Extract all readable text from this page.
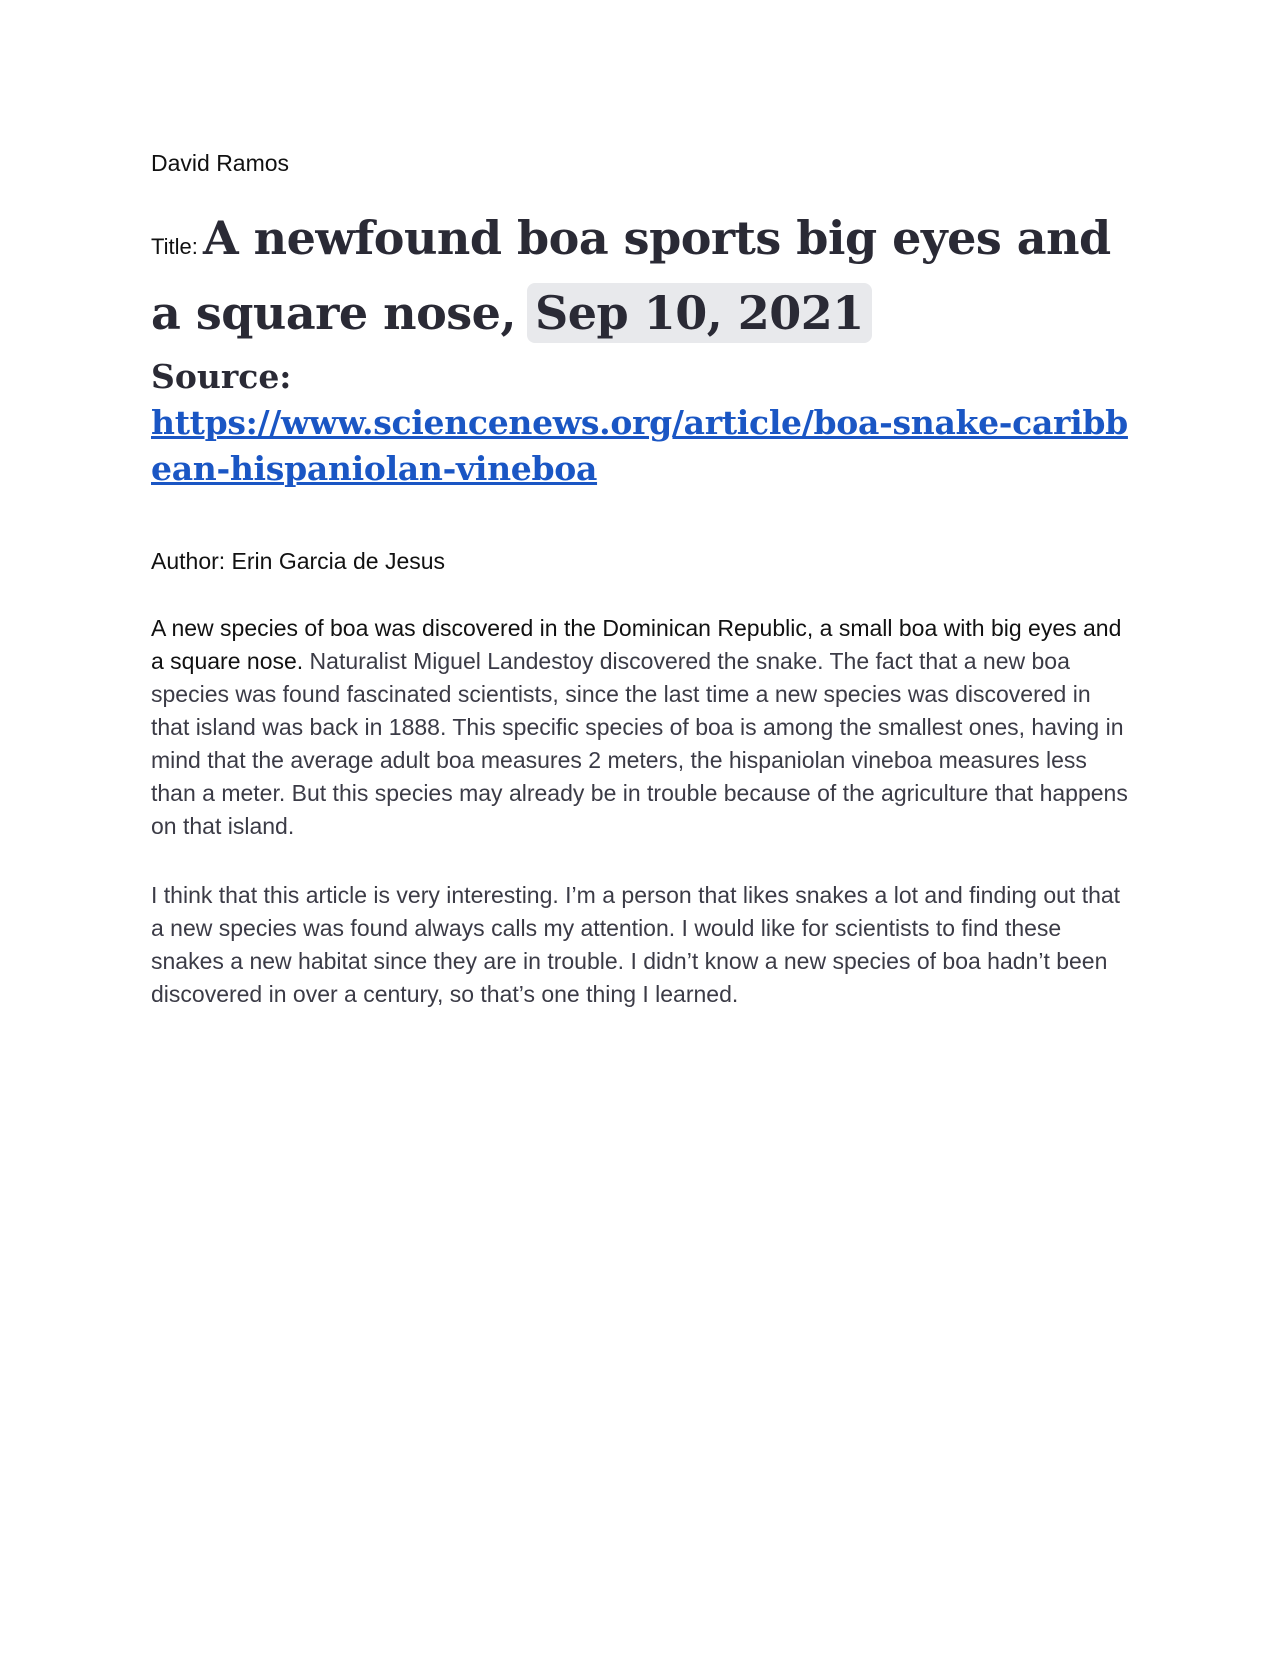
David Ramos

Title: A newfound boa sports big eyes and a square nose, Sep 10, 2021
Source:
https://www.sciencenews.org/article/boa-snake-caribbean-hispaniolan-vineboa
Author: Erin Garcia de Jesus
A new species of boa was discovered in the Dominican Republic, a small boa with big eyes and a square nose. Naturalist Miguel Landestoy discovered the snake. The fact that a new boa species was found fascinated scientists, since the last time a new species was discovered in that island was back in 1888. This specific species of boa is among the smallest ones, having in mind that the average adult boa measures 2 meters, the hispaniolan vineboa measures less than a meter. But this species may already be in trouble because of the agriculture that happens on that island.
I think that this article is very interesting. I’m a person that likes snakes a lot and finding out that a new species was found always calls my attention. I would like for scientists to find these snakes a new habitat since they are in trouble. I didn’t know a new species of boa hadn’t been discovered in over a century, so that’s one thing I learned.
